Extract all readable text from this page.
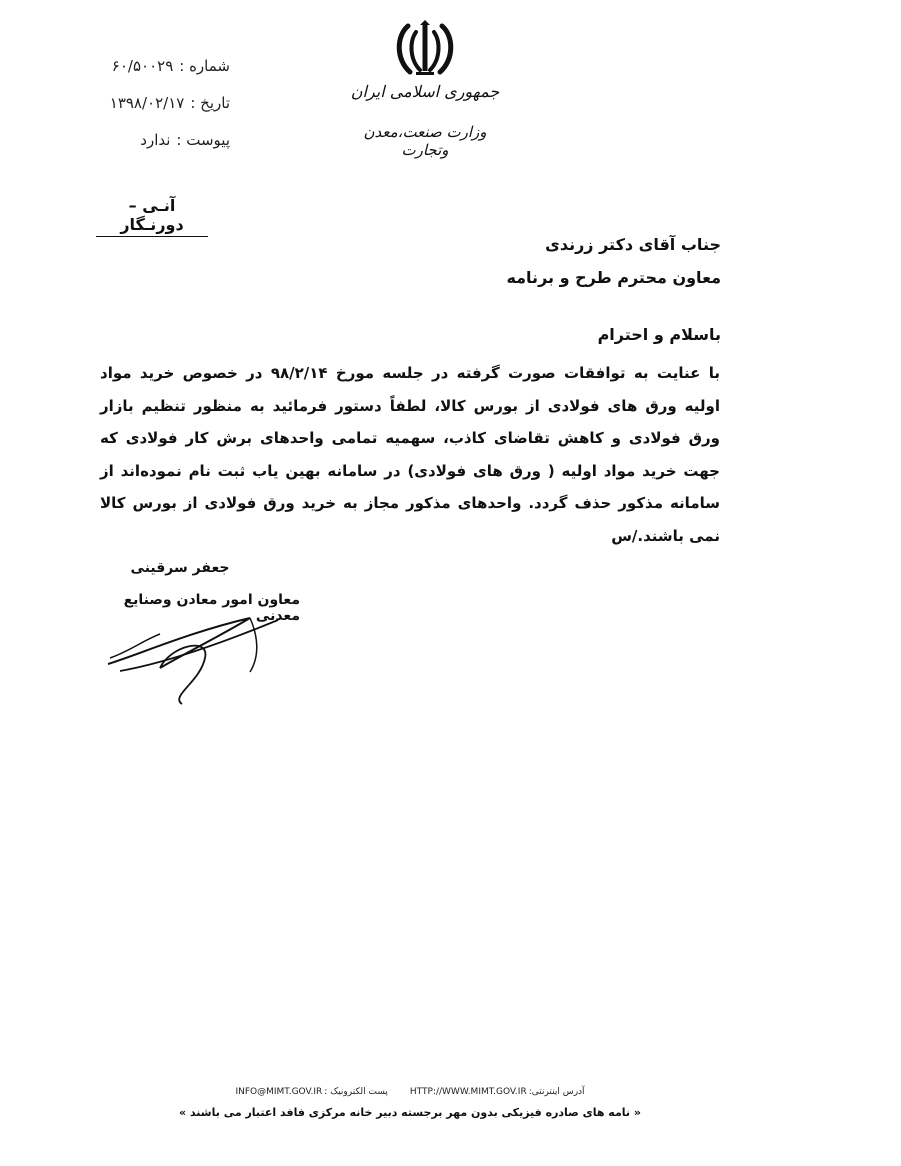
شماره :
۶۰/۵۰۰۲۹
تاریخ :
۱۳۹۸/۰۲/۱۷
پیوست :
ندارد
جمهوری اسلامی ایران
وزارت صنعت،معدن وتجارت
آنـی – دورنـگار
جناب آقای دکتر زرندی
معاون محترم طرح و برنامه
باسلام و احترام
با عنایت به توافقات صورت گرفته در جلسه مورخ ۹۸/۲/۱۴ در خصوص خرید مواد اولیه ورق های فولادی از بورس کالا، لطفاً دستور فرمائید به منظور تنظیم بازار ورق فولادی و کاهش تقاضای کاذب، سهمیه تمامی واحدهای برش کار فولادی که جهت خرید مواد اولیه ( ورق های فولادی) در سامانه بهین یاب ثبت نام نموده‌اند از سامانه مذکور حذف گردد. واحدهای مذکور مجاز به خرید ورق فولادی از بورس کالا نمی باشند./س
جعفر سرقینی
معاون امور معادن وصنایع معدنی
آدرس اینترنتی:
HTTP://WWW.MIMT.GOV.IR
پست الکترونیک :
INFO@MIMT.GOV.IR
« نامه های صادره فیزیکی بدون مهر برجسته دبیر خانه مرکزی فافد اعتبار می باشند »
